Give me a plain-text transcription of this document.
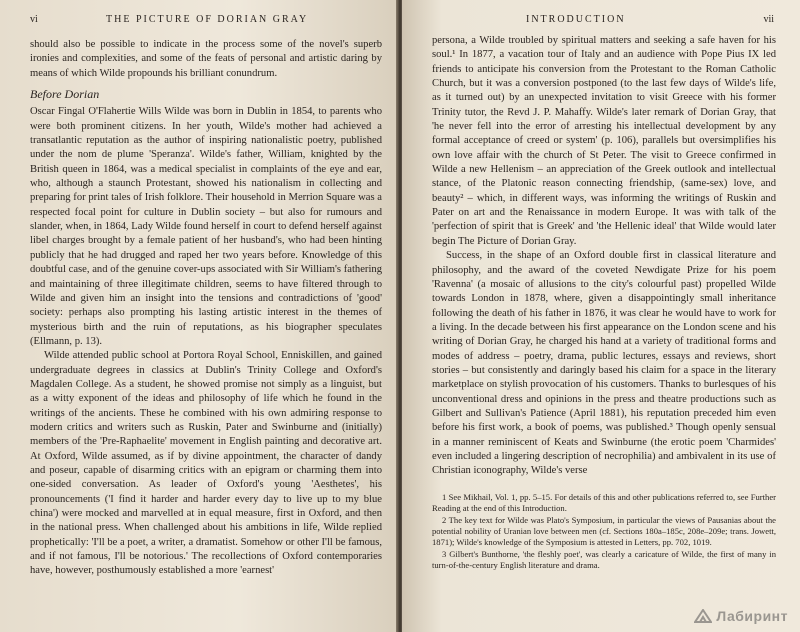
vi	THE PICTURE OF DORIAN GRAY

should also be possible to indicate in the process some of the novel's superb ironies and complexities, and some of the feats of personal and artistic daring by means of which Wilde propounds his brilliant conundrum.

Before Dorian

Oscar Fingal O'Flahertie Wills Wilde was born in Dublin in 1854, to parents who were both prominent citizens. In her youth, Wilde's mother had achieved a transatlantic reputation as the author of inspiring nationalistic poetry, published under the nom de plume 'Speranza'. Wilde's father, William, knighted by the British queen in 1864, was a medical specialist in complaints of the eye and ear, who, although a staunch Protestant, showed his nationalism in collecting and preparing for print tales of Irish folklore. Their household in Merrion Square was a respected focal point for culture in Dublin society – but also for rumours and slander, when, in 1864, Lady Wilde found herself in court to defend herself against libel charges brought by a female patient of her husband's, who had been hinting publicly that he had drugged and raped her two years before. Knowledge of this doubtful case, and of the genuine cover-ups associated with Sir William's fathering and maintaining of three illegitimate children, seems to have filtered through to Wilde and given him an insight into the tensions and contradictions of 'good' society: perhaps also prompting his lasting artistic interest in the themes of mysterious birth and the ruin of reputations, as his biographer speculates (Ellmann, p. 13).

Wilde attended public school at Portora Royal School, Enniskillen, and gained undergraduate degrees in classics at Dublin's Trinity College and Oxford's Magdalen College. As a student, he showed promise not simply as a linguist, but as a witty exponent of the ideas and philosophy of life which he found in the writings of the ancients. These he combined with his own admiring response to modern critics and writers such as Ruskin, Pater and Swinburne and (initially) members of the 'Pre-Raphaelite' movement in English painting and decorative art. At Oxford, Wilde assumed, as if by divine appointment, the character of dandy and poseur, capable of disarming critics with an epigram or charming them into one-sided conversation. As leader of Oxford's young 'Aesthetes', his pronouncements ('I find it harder and harder every day to live up to my blue china') were mocked and marvelled at in equal measure, first in Oxford, and then in the national press. When challenged about his ambitions in life, Wilde replied prophetically: 'I'll be a poet, a writer, a dramatist. Somehow or other I'll be famous, and if not famous, I'll be notorious.' The recollections of Oxford contemporaries have, however, posthumously established a more 'earnest'

INTRODUCTION	vii

persona, a Wilde troubled by spiritual matters and seeking a safe haven for his soul.¹ In 1877, a vacation tour of Italy and an audience with Pope Pius IX led friends to anticipate his conversion from the Protestant to the Roman Catholic Church, but it was a conversion postponed (to the last few days of Wilde's life, as it turned out) by an unexpected invitation to visit Greece with his former Trinity tutor, the Revd J. P. Mahaffy. Wilde's later remark of Dorian Gray, that 'he never fell into the error of arresting his intellectual development by any formal acceptance of creed or system' (p. 106), parallels but oversimplifies his own love affair with the church of St Peter. The visit to Greece confirmed in Wilde a new Hellenism – an appreciation of the Greek outlook and intellectual stance, of the Platonic reason connecting friendship, (same-sex) love, and beauty² – which, in different ways, was informing the writings of Ruskin and Pater on art and the Renaissance in modern Europe. It was with talk of the 'perfection of spirit that is Greek' and 'the Hellenic ideal' that Wilde would later begin The Picture of Dorian Gray.

Success, in the shape of an Oxford double first in classical literature and philosophy, and the award of the coveted Newdigate Prize for his poem 'Ravenna' (a mosaic of allusions to the city's colourful past) propelled Wilde towards London in 1878, where, given a disappointingly small inheritance following the death of his father in 1876, it was clear he would have to work for a living. In the decade between his first appearance on the London scene and his writing of Dorian Gray, he charged his hand at a variety of traditional forms and modes of address – poetry, drama, public lectures, essays and reviews, short stories – but consistently and daringly based his claim for a space in the literary marketplace on stylish provocation of his customers. Thanks to burlesques of his unconventional dress and opinions in the press and theatre productions such as Gilbert and Sullivan's Patience (April 1881), his reputation preceded him even before his first work, a book of poems, was published.³ Though openly sensual in a manner reminiscent of Keats and Swinburne (the erotic poem 'Charmides' even included a lingering description of necrophilia) and ambivalent in its use of Christian iconography, Wilde's verse

1 See Mikhail, Vol. 1, pp. 5–15. For details of this and other publications referred to, see Further Reading at the end of this Introduction.

2 The key text for Wilde was Plato's Symposium, in particular the views of Pausanias about the potential nobility of Uranian love between men (cf. Sections 180a–185c, 208e–209e; trans. Jowett, 1871); Wilde's knowledge of the Symposium is attested in Letters, pp. 702, 1019.

3 Gilbert's Bunthorne, 'the fleshly poet', was clearly a caricature of Wilde, the first of many in turn-of-the-century English literature and drama.

Лабиринт
